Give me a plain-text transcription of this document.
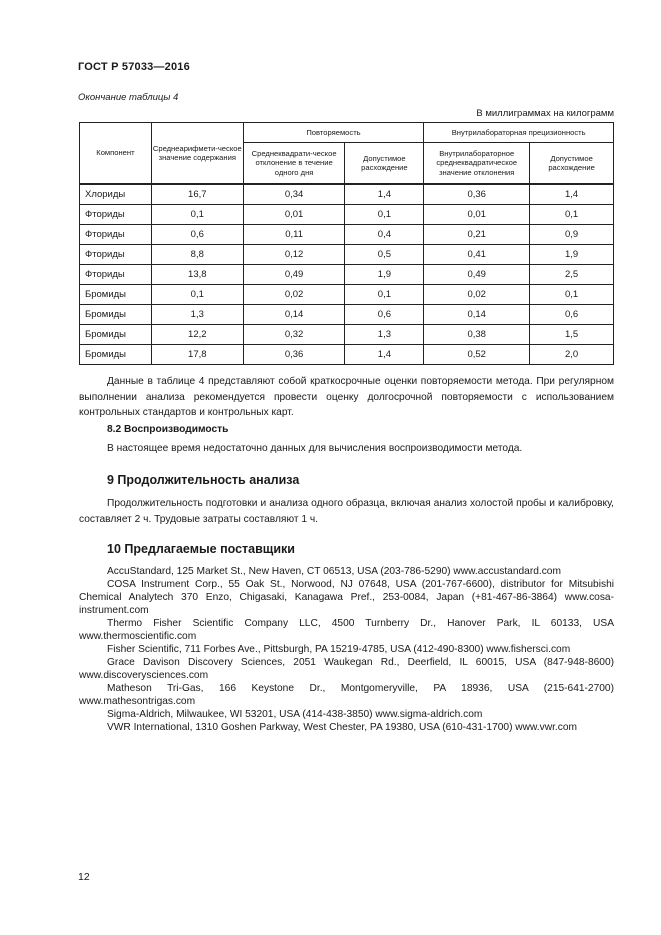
ГОСТ Р 57033—2016
Окончание таблицы 4
В миллиграммах на килограмм
Компонент	Среднеарифмети-ческое значение содержания	Повторяемость		Внутрилабораторная прецизионность	
		Среднеквадрати-ческое отклонение в течение одного дня	Допустимое расхождение	Внутрилабораторное среднеквадратическое значение отклонения	Допустимое расхождение
Хлориды	16,7	0,34	1,4	0,36	1,4
Фториды	0,1	0,01	0,1	0,01	0,1
Фториды	0,6	0,11	0,4	0,21	0,9
Фториды	8,8	0,12	0,5	0,41	1,9
Фториды	13,8	0,49	1,9	0,49	2,5
Бромиды	0,1	0,02	0,1	0,02	0,1
Бромиды	1,3	0,14	0,6	0,14	0,6
Бромиды	12,2	0,32	1,3	0,38	1,5
Бромиды	17,8	0,36	1,4	0,52	2,0
Данные в таблице 4 представляют собой краткосрочные оценки повторяемости метода. При регулярном выполнении анализа рекомендуется провести оценку долгосрочной повторяемости с использованием контрольных стандартов и контрольных карт.
8.2 Воспроизводимость
В настоящее время недостаточно данных для вычисления воспроизводимости метода.
9 Продолжительность анализа
Продолжительность подготовки и анализа одного образца, включая анализ холостой пробы и калибровку, составляет 2 ч. Трудовые затраты составляют 1 ч.
10 Предлагаемые поставщики
AccuStandard, 125 Market St., New Haven, CT 06513, USA (203-786-5290) www.accustandard.com
COSA Instrument Corp., 55 Oak St., Norwood, NJ 07648, USA (201-767-6600), distributor for Mitsubishi Chemical Analytech 370 Enzo, Chigasaki, Kanagawa Pref., 253-0084, Japan (+81-467-86-3864) www.cosa-instrument.com
Thermo Fisher Scientific Company LLC, 4500 Turnberry Dr., Hanover Park, IL 60133, USA www.thermoscientific.com
Fisher Scientific, 711 Forbes Ave., Pittsburgh, PA 15219-4785, USA (412-490-8300) www.fishersci.com
Grace Davison Discovery Sciences, 2051 Waukegan Rd., Deerfield, IL 60015, USA (847-948-8600) www.discoverysciences.com
Matheson Tri-Gas, 166 Keystone Dr., Montgomeryville, PA 18936, USA (215-641-2700) www.mathesontrigas.com
Sigma-Aldrich, Milwaukee, WI 53201, USA (414-438-3850) www.sigma-aldrich.com
VWR International, 1310 Goshen Parkway, West Chester, PA 19380, USA (610-431-1700) www.vwr.com
12
